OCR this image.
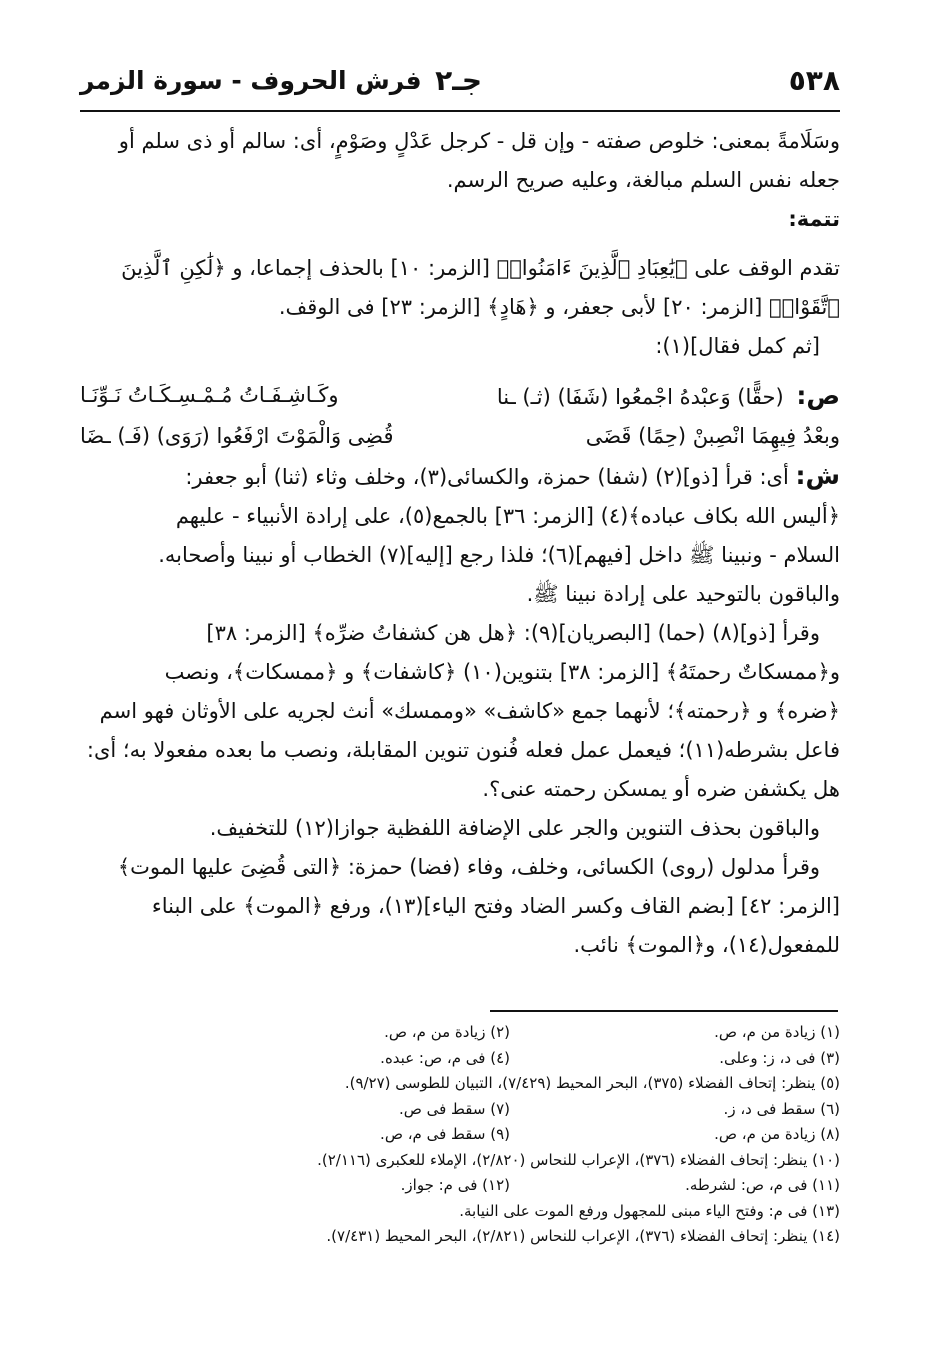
٥٣٨
جـ٢
فرش الحروف - سورة الزمر

وسَلَامةً بمعنى: خلوص صفته - وإن قل - كرجل عَدْلٍ وصَوْمٍ، أى: سالم أو ذى سلم أو

جعله نفس السلم مبالغة، وعليه صريح الرسم.

تتمة:

تقدم الوقف على ﴿يَٰعِبَادِ ٱلَّذِينَ ءَامَنُوا۟﴾ [الزمر: ١٠] بالحذف إجماعا، و ﴿لَٰكِنِ ٱلَّذِينَ

ٱتَّقَوْا۟﴾ [الزمر: ٢٠] لأبى جعفر، و ﴿هَادٍ﴾ [الزمر: ٢٣] فى الوقف.

[ثم كمل فقال](١):

ص: (حقًّا) وَعبْدهُ اجْمعُوا (شَفَا) (ثـ) ـنا
وكَـاشِـفَـاتُ مُـمْـسِـكَـاتُ نَـوِّنَـا
وبعْدُ فِيهِمَا انْصِبنْ (حِمًا) قَضَى
قُضِى وَالْمَوْتَ ارْفَعُوا (رَوَى) (فَـ) ـضَا

ش: أى: قرأ [ذو](٢) (شفا) حمزة، والكسائى(٣)، وخلف وثاء (ثنا) أبو جعفر:

﴿أليس الله بكاف عباده﴾(٤) [الزمر: ٣٦] بالجمع(٥)، على إرادة الأنبياء - عليهم

السلام - ونبينا ﷺ داخل [فيهم](٦)؛ فلذا رجع [إليه](٧) الخطاب أو نبينا وأصحابه.

والباقون بالتوحيد على إرادة نبينا ﷺ.

وقرأ [ذو](٨) (حما) [البصريان](٩): ﴿هل هن كشفاتُ ضرِّه﴾ [الزمر: ٣٨]

و﴿ممسكاتٌ رحمتَهُ﴾ [الزمر: ٣٨] بتنوين(١٠) ﴿كاشفات﴾ و ﴿ممسكات﴾، ونصب

﴿ضره﴾ و ﴿رحمته﴾؛ لأنهما جمع «كاشف» «وممسك» أنث لجريه على الأوثان فهو اسم

فاعل بشرطه(١١)؛ فيعمل عمل فعله فُنون تنوين المقابلة، ونصب ما بعده مفعولا به؛ أى:

هل يكشفن ضره أو يمسكن رحمته عنى؟.

والباقون بحذف التنوين والجر على الإضافة اللفظية جوازا(١٢) للتخفيف.

وقرأ مدلول (روى) الكسائى، وخلف، وفاء (فضا) حمزة: ﴿التى قُضِىَ عليها الموت﴾

[الزمر: ٤٢] [بضم القاف وكسر الضاد وفتح الياء](١٣)، ورفع ﴿الموت﴾ على البناء

للمفعول(١٤)، و﴿الموت﴾ نائب.

(١) زيادة من م، ص.
(٢) زيادة من م، ص.
(٣) فى د، ز: وعلى.
(٤) فى م، ص: عبده.
(٥) ينظر: إتحاف الفضلاء (٣٧٥)، البحر المحيط (٧/٤٢٩)، التبيان للطوسى (٩/٢٧).
(٦) سقط فى د، ز.
(٧) سقط فى ص.
(٨) زيادة من م، ص.
(٩) سقط فى م، ص.
(١٠) ينظر: إتحاف الفضلاء (٣٧٦)، الإعراب للنحاس (٢/٨٢٠)، الإملاء للعكبرى (٢/١١٦).
(١١) فى م، ص: لشرطه.
(١٢) فى م: جواز.
(١٣) فى م: وفتح الياء مبنى للمجهول ورفع الموت على النيابة.
(١٤) ينظر: إتحاف الفضلاء (٣٧٦)، الإعراب للنحاس (٢/٨٢١)، البحر المحيط (٧/٤٣١).
